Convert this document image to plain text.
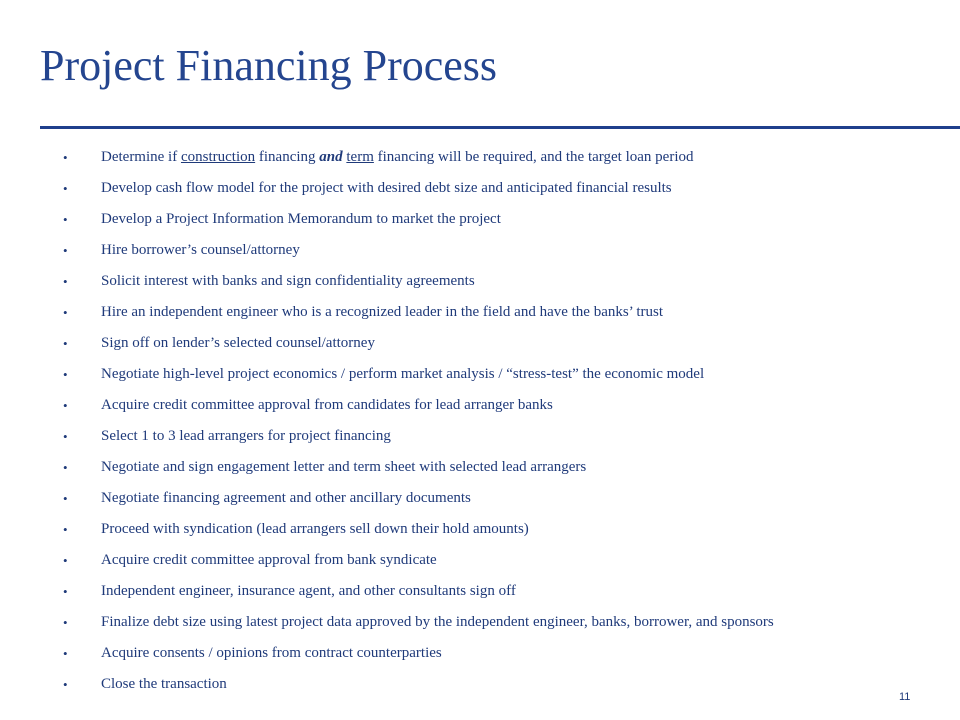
Project Financing Process
• Determine if construction financing and term financing will be required, and the target loan period
• Develop cash flow model for the project with desired debt size and anticipated financial results
• Develop a Project Information Memorandum to market the project
• Hire borrower’s counsel/attorney
• Solicit interest with banks and sign confidentiality agreements
• Hire an independent engineer who is a recognized leader in the field and have the banks’ trust
• Sign off on lender’s selected counsel/attorney
• Negotiate high-level project economics / perform market analysis / “stress-test” the economic model
• Acquire credit committee approval from candidates for lead arranger banks
• Select 1 to 3 lead arrangers for project financing
• Negotiate and sign engagement letter and term sheet with selected lead arrangers
• Negotiate financing agreement and other ancillary documents
• Proceed with syndication (lead arrangers sell down their hold amounts)
• Acquire credit committee approval from bank syndicate
• Independent engineer, insurance agent, and other consultants sign off
• Finalize debt size using latest project data approved by the independent engineer, banks, borrower, and sponsors
• Acquire consents / opinions from contract counterparties
• Close the transaction
11
